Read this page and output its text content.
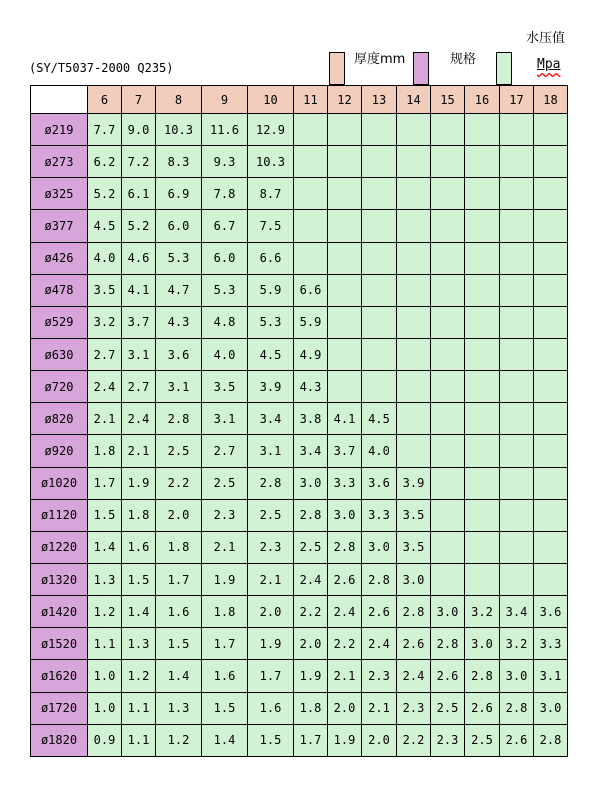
(SY/T5037-2000 Q235)
厚度mm	规格
水压值
Mpa
	6	7	8	9	10	11	12	13	14	15	16	17	18
ø219	7.7	9.0	10.3	11.6	12.9								
ø273	6.2	7.2	8.3	9.3	10.3								
ø325	5.2	6.1	6.9	7.8	8.7								
ø377	4.5	5.2	6.0	6.7	7.5								
ø426	4.0	4.6	5.3	6.0	6.6								
ø478	3.5	4.1	4.7	5.3	5.9	6.6							
ø529	3.2	3.7	4.3	4.8	5.3	5.9							
ø630	2.7	3.1	3.6	4.0	4.5	4.9							
ø720	2.4	2.7	3.1	3.5	3.9	4.3							
ø820	2.1	2.4	2.8	3.1	3.4	3.8	4.1	4.5					
ø920	1.8	2.1	2.5	2.7	3.1	3.4	3.7	4.0					
ø1020	1.7	1.9	2.2	2.5	2.8	3.0	3.3	3.6	3.9				
ø1120	1.5	1.8	2.0	2.3	2.5	2.8	3.0	3.3	3.5				
ø1220	1.4	1.6	1.8	2.1	2.3	2.5	2.8	3.0	3.5				
ø1320	1.3	1.5	1.7	1.9	2.1	2.4	2.6	2.8	3.0				
ø1420	1.2	1.4	1.6	1.8	2.0	2.2	2.4	2.6	2.8	3.0	3.2	3.4	3.6
ø1520	1.1	1.3	1.5	1.7	1.9	2.0	2.2	2.4	2.6	2.8	3.0	3.2	3.3
ø1620	1.0	1.2	1.4	1.6	1.7	1.9	2.1	2.3	2.4	2.6	2.8	3.0	3.1
ø1720	1.0	1.1	1.3	1.5	1.6	1.8	2.0	2.1	2.3	2.5	2.6	2.8	3.0
ø1820	0.9	1.1	1.2	1.4	1.5	1.7	1.9	2.0	2.2	2.3	2.5	2.6	2.8
